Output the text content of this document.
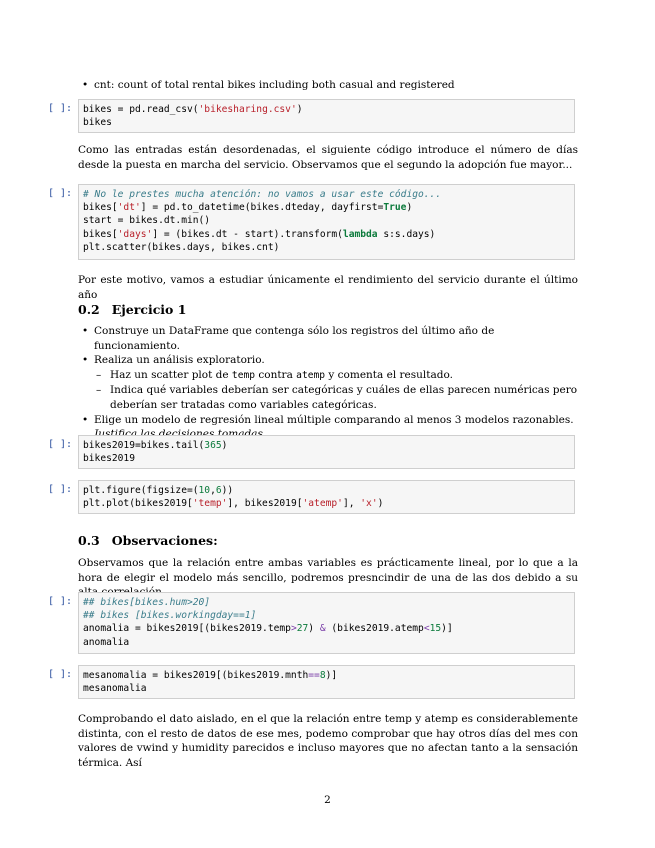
• cnt: count of total rental bikes including both casual and registered
[ ]:	bikes = pd.read_csv('bikesharing.csv')
bikes

Como las entradas están desordenadas, el siguiente código introduce el número de días desde la puesta en marcha del servicio. Observamos que el segundo la adopción fue mayor...

[ ]:	# No le prestes mucha atención: no vamos a usar este código...
bikes['dt'] = pd.to_datetime(bikes.dteday, dayfirst=True)
start = bikes.dt.min()
bikes['days'] = (bikes.dt - start).transform(lambda s:s.days)
plt.scatter(bikes.days, bikes.cnt)

Por este motivo, vamos a estudiar únicamente el rendimiento del servicio durante el último año

0.2 Ejercicio 1
• Construye un DataFrame que contenga sólo los registros del último año de funcionamiento.
• Realiza un análisis exploratorio.
– Haz un scatter plot de temp contra atemp y comenta el resultado.
– Indica qué variables deberían ser categóricas y cuáles de ellas parecen numéricas pero deberían ser tratadas como variables categóricas.
• Elige un modelo de regresión lineal múltiple comparando al menos 3 modelos razonables.
[ ]:	bikes2019=bikes.tail(365)
bikes2019
[ ]:	plt.figure(figsize=(10,6))
plt.plot(bikes2019['temp'], bikes2019['atemp'], 'x')
0.3 Observaciones:

Observamos que la relación entre ambas variables es prácticamente lineal, por lo que a la hora de elegir el modelo más sencillo, podremos presncindir de una de las dos debido a su

[ ]:	## bikes[bikes.hum>20]
## bikes [bikes.workingday==1]
anomalia = bikes2019[(bikes2019.temp>27) & (bikes2019.atemp<15)]
anomalia
[ ]:	mesanomalia = bikes2019[(bikes2019.mnth==8)]
mesanomalia

Comprobando el dato aislado, en el que la relación entre temp y atemp es considerablemente distinta, con el resto de datos de ese mes, podemo comprobar que hay otros días del mes con valores de vwind y humidity parecidos e incluso mayores que no afectan tanto a la sensación térmica. Así

2
